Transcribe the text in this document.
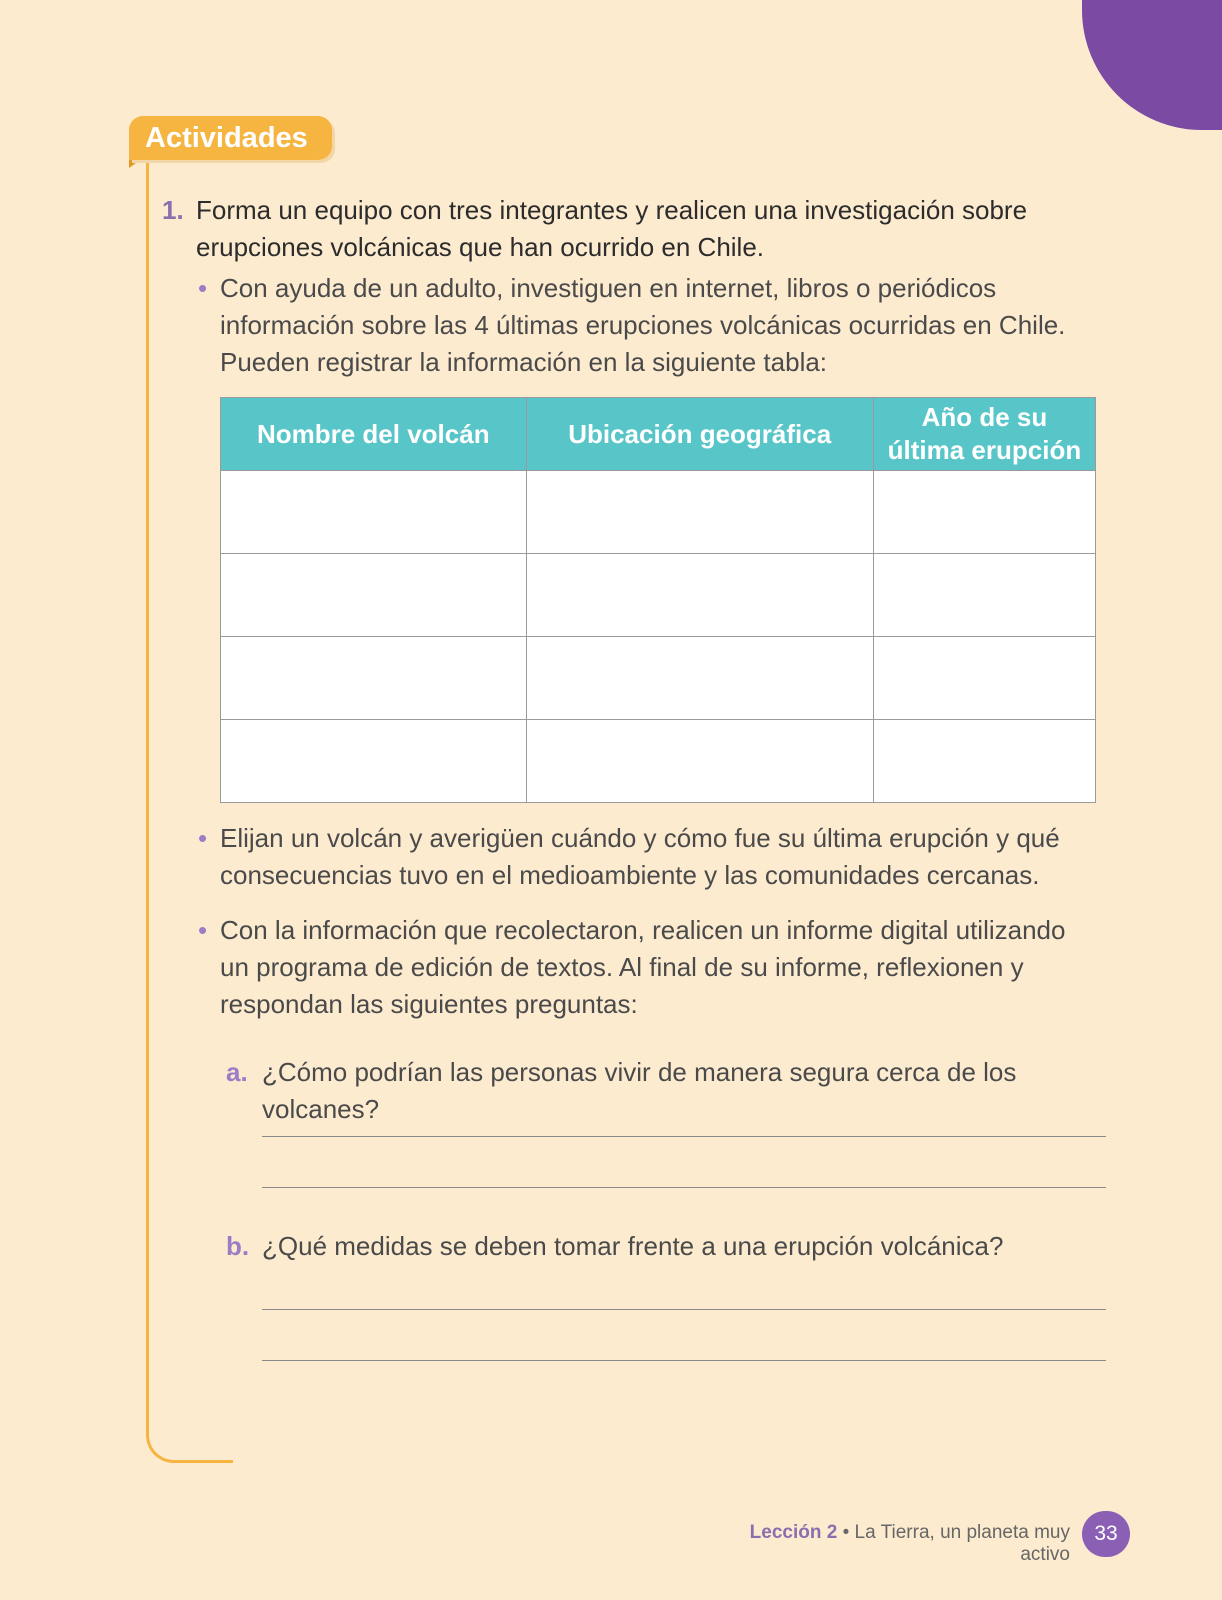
Actividades
1. Forma un equipo con tres integrantes y realicen una investigación sobre erupciones volcánicas que han ocurrido en Chile.
• Con ayuda de un adulto, investiguen en internet, libros o periódicos información sobre las 4 últimas erupciones volcánicas ocurridas en Chile. Pueden registrar la información en la siguiente tabla:
Nombre del volcán	Ubicación geográfica	Año de su última erupción

• Elijan un volcán y averigüen cuándo y cómo fue su última erupción y qué consecuencias tuvo en el medioambiente y las comunidades cercanas.
• Con la información que recolectaron, realicen un informe digital utilizando un programa de edición de textos. Al final de su informe, reflexionen y respondan las siguientes preguntas:
a. ¿Cómo podrían las personas vivir de manera segura cerca de los volcanes?
b. ¿Qué medidas se deben tomar frente a una erupción volcánica?
Lección 2 • La Tierra, un planeta muy activo
33
